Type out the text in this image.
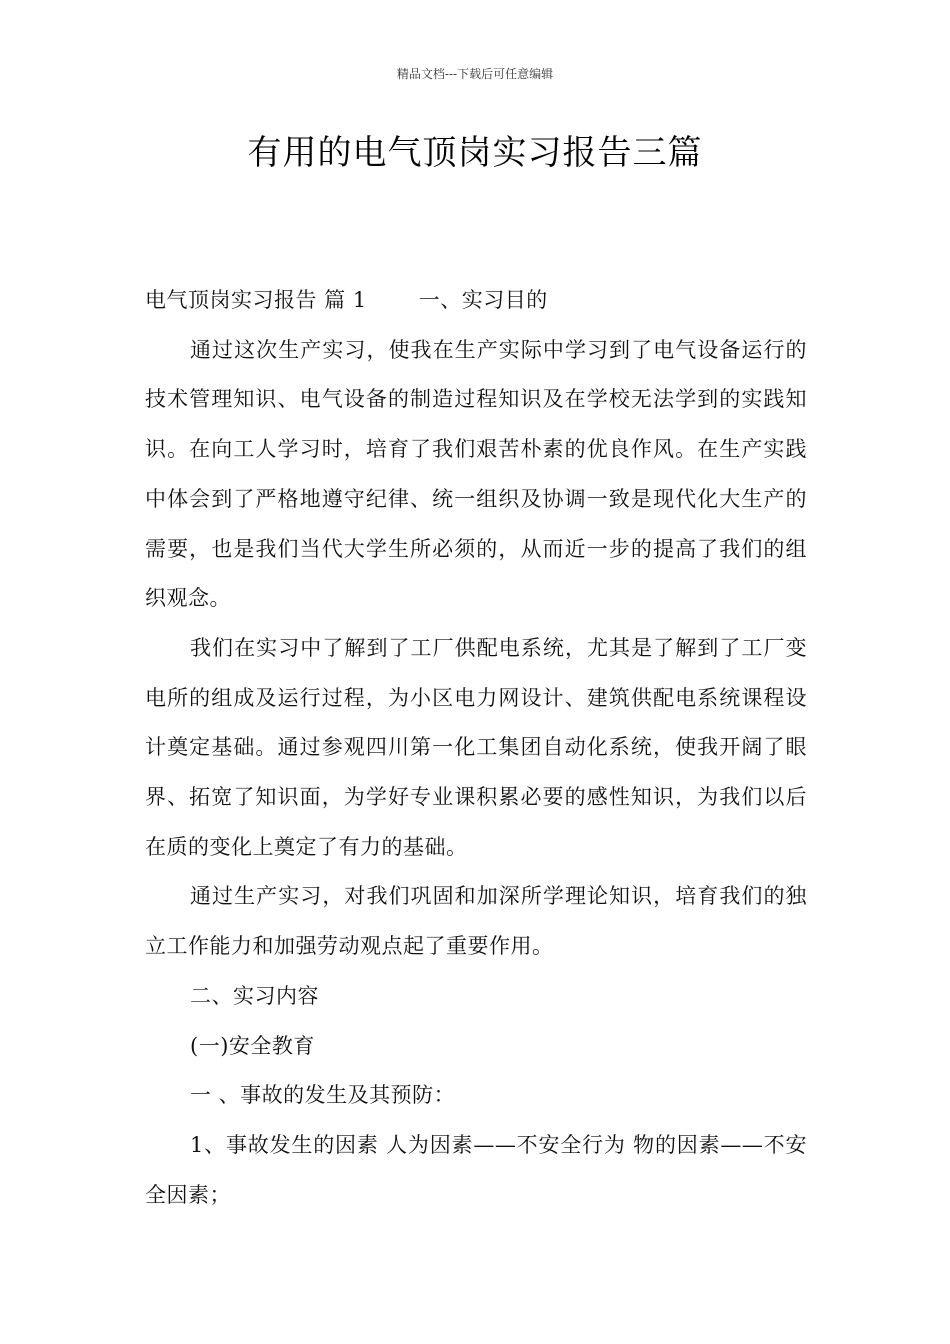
精品文档---下载后可任意编辑
有用的电气顶岗实习报告三篇

电气顶岗实习报告 篇 1 一、实习目的

通过这次生产实习，使我在生产实际中学习到了电气设备运行的技术管理知识、电气设备的制造过程知识及在学校无法学到的实践知识。在向工人学习时，培育了我们艰苦朴素的优良作风。在生产实践中体会到了严格地遵守纪律、统一组织及协调一致是现代化大生产的需要，也是我们当代大学生所必须的，从而近一步的提高了我们的组织观念。

我们在实习中了解到了工厂供配电系统，尤其是了解到了工厂变电所的组成及运行过程，为小区电力网设计、建筑供配电系统课程设计奠定基础。通过参观四川第一化工集团自动化系统，使我开阔了眼界、拓宽了知识面，为学好专业课积累必要的感性知识，为我们以后在质的变化上奠定了有力的基础。

通过生产实习，对我们巩固和加深所学理论知识，培育我们的独立工作能力和加强劳动观点起了重要作用。

二、实习内容

(一)安全教育

一 、事故的发生及其预防：

1、事故发生的因素 人为因素——不安全行为 物的因素——不安全因素；
